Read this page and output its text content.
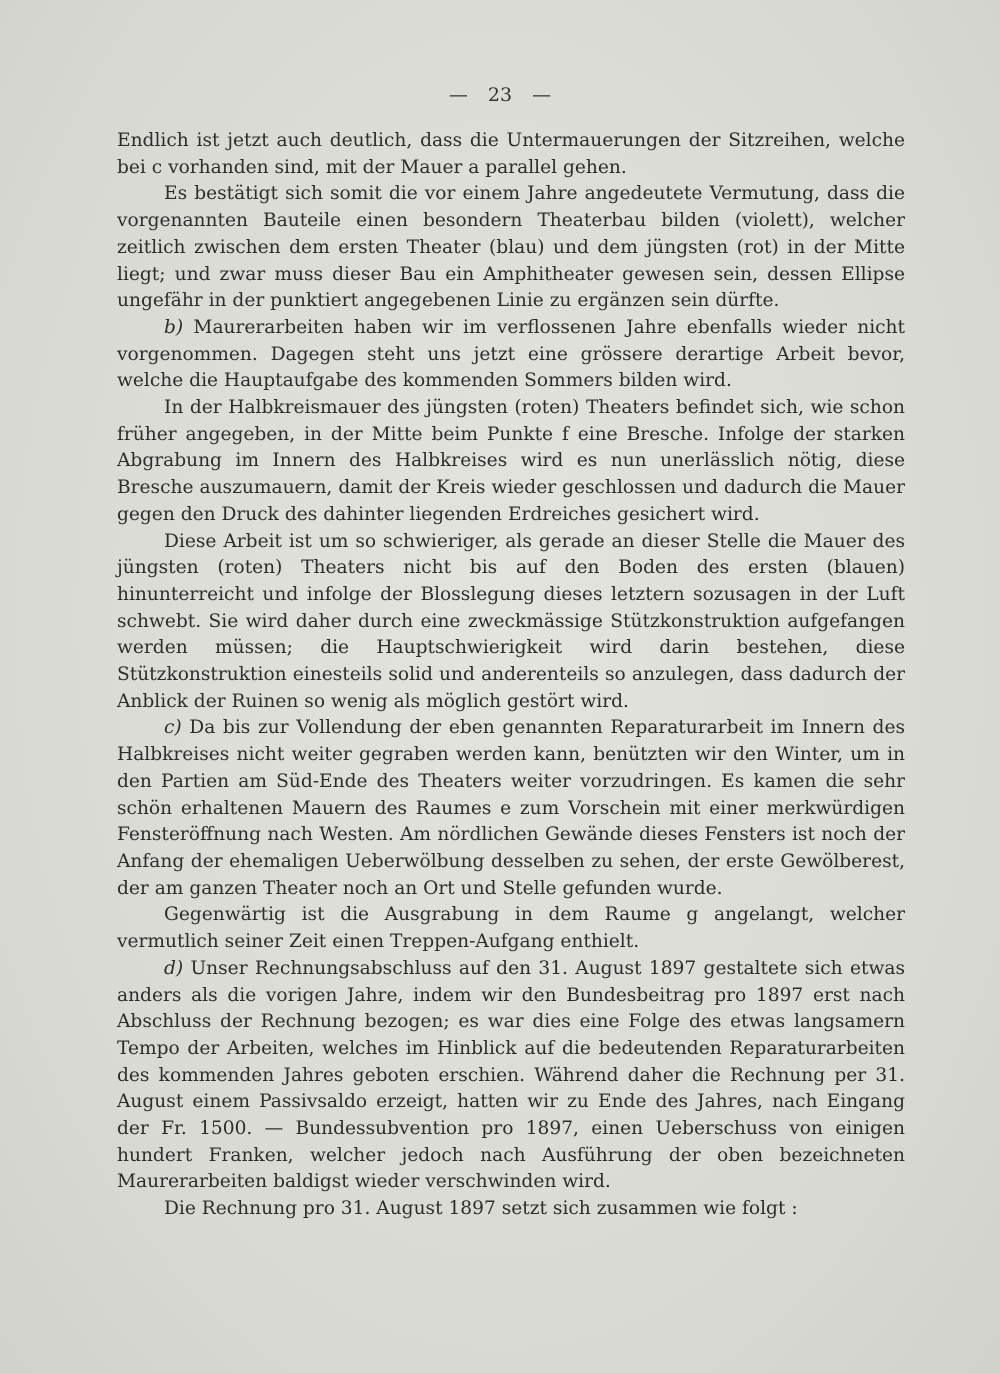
— 23 —

Endlich ist jetzt auch deutlich, dass die Untermauerungen der Sitzreihen, welche bei c vorhanden sind, mit der Mauer a parallel gehen.

Es bestätigt sich somit die vor einem Jahre angedeutete Vermutung, dass die vorgenannten Bauteile einen besondern Theaterbau bilden (violett), welcher zeitlich zwischen dem ersten Theater (blau) und dem jüngsten (rot) in der Mitte liegt; und zwar muss dieser Bau ein Amphitheater gewesen sein, dessen Ellipse ungefähr in der punktiert angegebenen Linie zu ergänzen sein dürfte.

b) Maurerarbeiten haben wir im verflossenen Jahre ebenfalls wieder nicht vorgenommen. Dagegen steht uns jetzt eine grössere derartige Arbeit bevor, welche die Hauptaufgabe des kommenden Sommers bilden wird.

In der Halbkreismauer des jüngsten (roten) Theaters befindet sich, wie schon früher angegeben, in der Mitte beim Punkte f eine Bresche. Infolge der starken Abgrabung im Innern des Halbkreises wird es nun unerlässlich nötig, diese Bresche auszumauern, damit der Kreis wieder geschlossen und dadurch die Mauer gegen den Druck des dahinter liegenden Erdreiches gesichert wird.

Diese Arbeit ist um so schwieriger, als gerade an dieser Stelle die Mauer des jüngsten (roten) Theaters nicht bis auf den Boden des ersten (blauen) hinunterreicht und infolge der Blosslegung dieses letztern sozusagen in der Luft schwebt. Sie wird daher durch eine zweckmässige Stützkonstruktion aufgefangen werden müssen; die Hauptschwierigkeit wird darin bestehen, diese Stützkonstruktion einesteils solid und anderenteils so anzulegen, dass dadurch der Anblick der Ruinen so wenig als möglich gestört wird.

c) Da bis zur Vollendung der eben genannten Reparaturarbeit im Innern des Halbkreises nicht weiter gegraben werden kann, benützten wir den Winter, um in den Partien am Süd-Ende des Theaters weiter vorzudringen. Es kamen die sehr schön erhaltenen Mauern des Raumes e zum Vorschein mit einer merkwürdigen Fensteröffnung nach Westen. Am nördlichen Gewände dieses Fensters ist noch der Anfang der ehemaligen Ueberwölbung desselben zu sehen, der erste Gewölberest, der am ganzen Theater noch an Ort und Stelle gefunden wurde.

Gegenwärtig ist die Ausgrabung in dem Raume g angelangt, welcher vermutlich seiner Zeit einen Treppen-Aufgang enthielt.

d) Unser Rechnungsabschluss auf den 31. August 1897 gestaltete sich etwas anders als die vorigen Jahre, indem wir den Bundesbeitrag pro 1897 erst nach Abschluss der Rechnung bezogen; es war dies eine Folge des etwas langsamern Tempo der Arbeiten, welches im Hinblick auf die bedeutenden Reparaturarbeiten des kommenden Jahres geboten erschien. Während daher die Rechnung per 31. August einem Passivsaldo erzeigt, hatten wir zu Ende des Jahres, nach Eingang der Fr. 1500. — Bundessubvention pro 1897, einen Ueberschuss von einigen hundert Franken, welcher jedoch nach Ausführung der oben bezeichneten Maurerarbeiten baldigst wieder verschwinden wird.

Die Rechnung pro 31. August 1897 setzt sich zusammen wie folgt :
